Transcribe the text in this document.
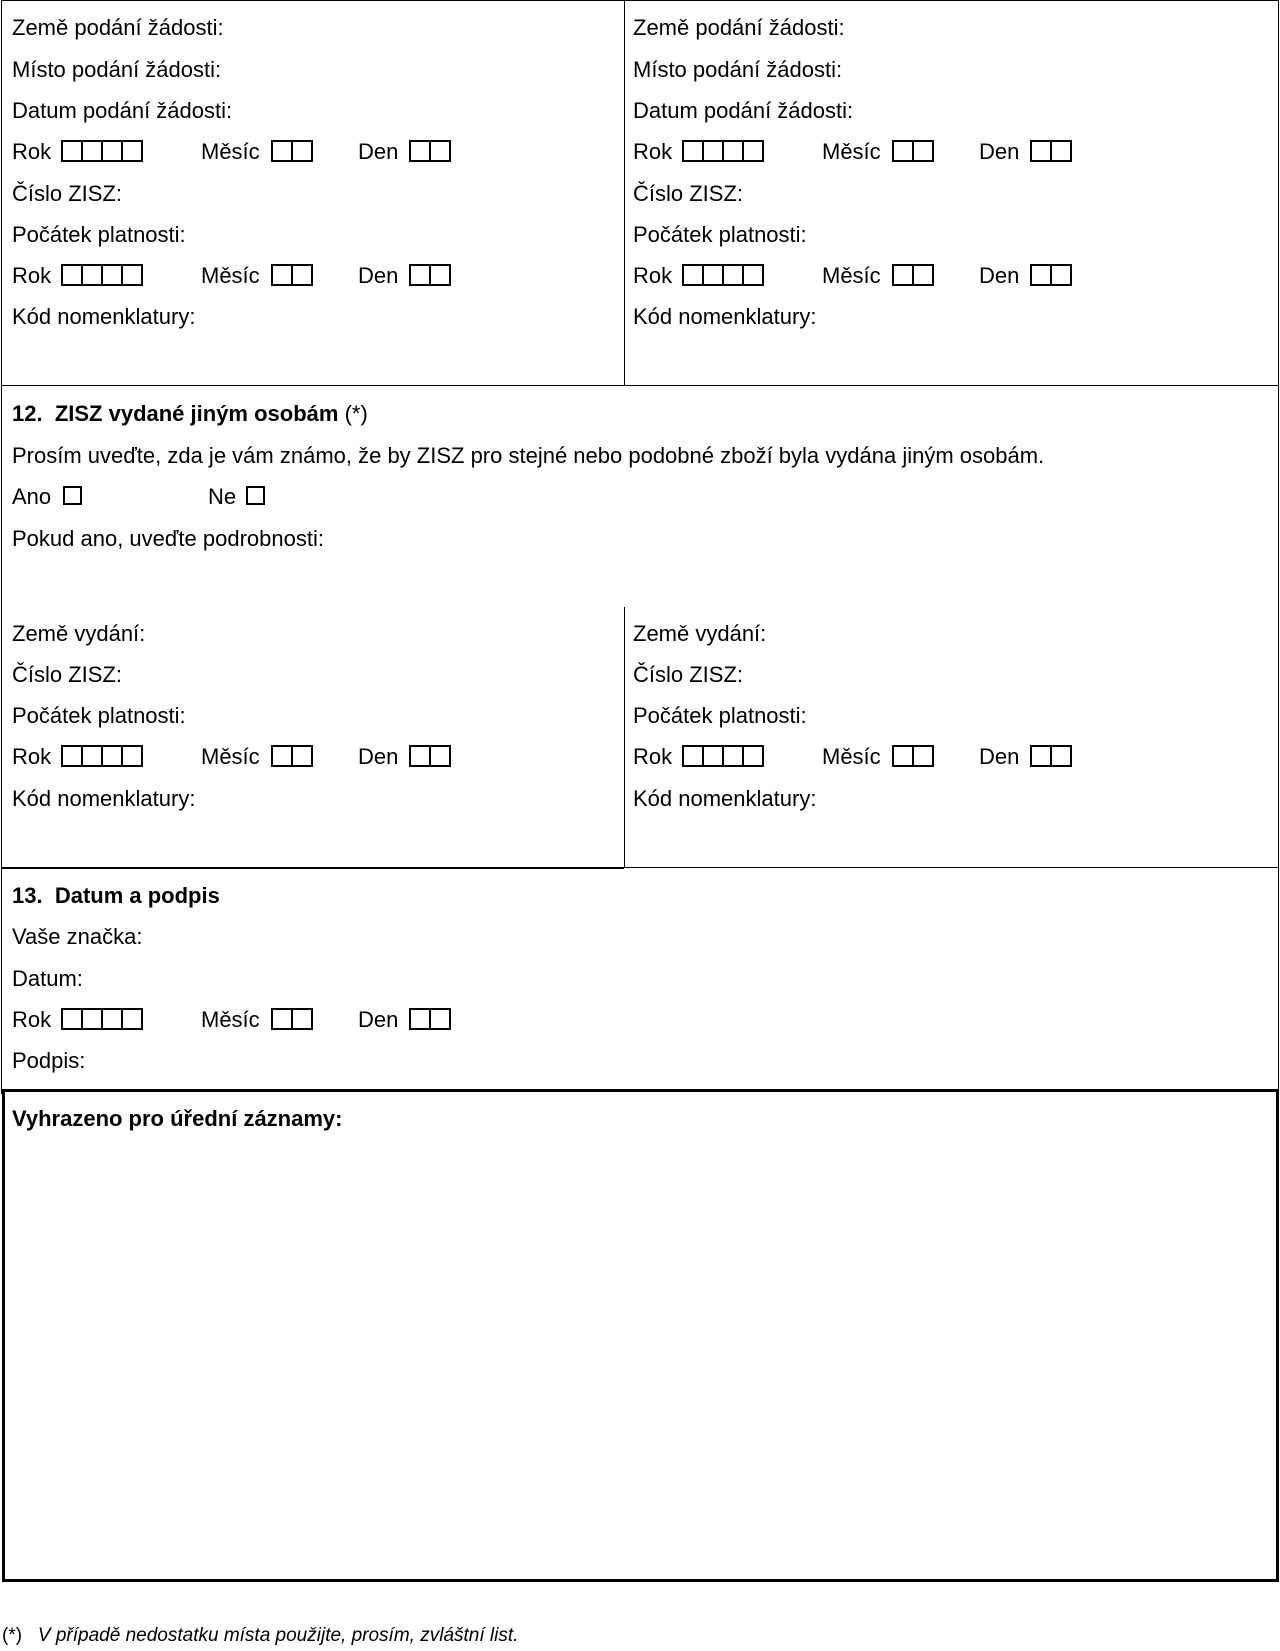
Země podání žádosti:
Místo podání žádosti:
Datum podání žádosti:
Rok	Měsíc	Den
Číslo ZISZ:
Počátek platnosti:
Rok	Měsíc	Den
Kód nomenklatury:
Země podání žádosti:
Místo podání žádosti:
Datum podání žádosti:
Rok	Měsíc	Den
Číslo ZISZ:
Počátek platnosti:
Rok	Měsíc	Den
Kód nomenklatury:
12. ZISZ vydané jiným osobám (*)
Prosím uveďte, zda je vám známo, že by ZISZ pro stejné nebo podobné zboží byla vydána jiným osobám.
Ano	Ne
Pokud ano, uveďte podrobnosti:
Země vydání:
Číslo ZISZ:
Počátek platnosti:
Rok	Měsíc	Den
Kód nomenklatury:
Země vydání:
Číslo ZISZ:
Počátek platnosti:
Rok	Měsíc	Den
Kód nomenklatury:
13. Datum a podpis
Vaše značka:
Datum:
Rok	Měsíc	Den
Podpis:
Vyhrazeno pro úřední záznamy:
(*) V případě nedostatku místa použijte, prosím, zvláštní list.
